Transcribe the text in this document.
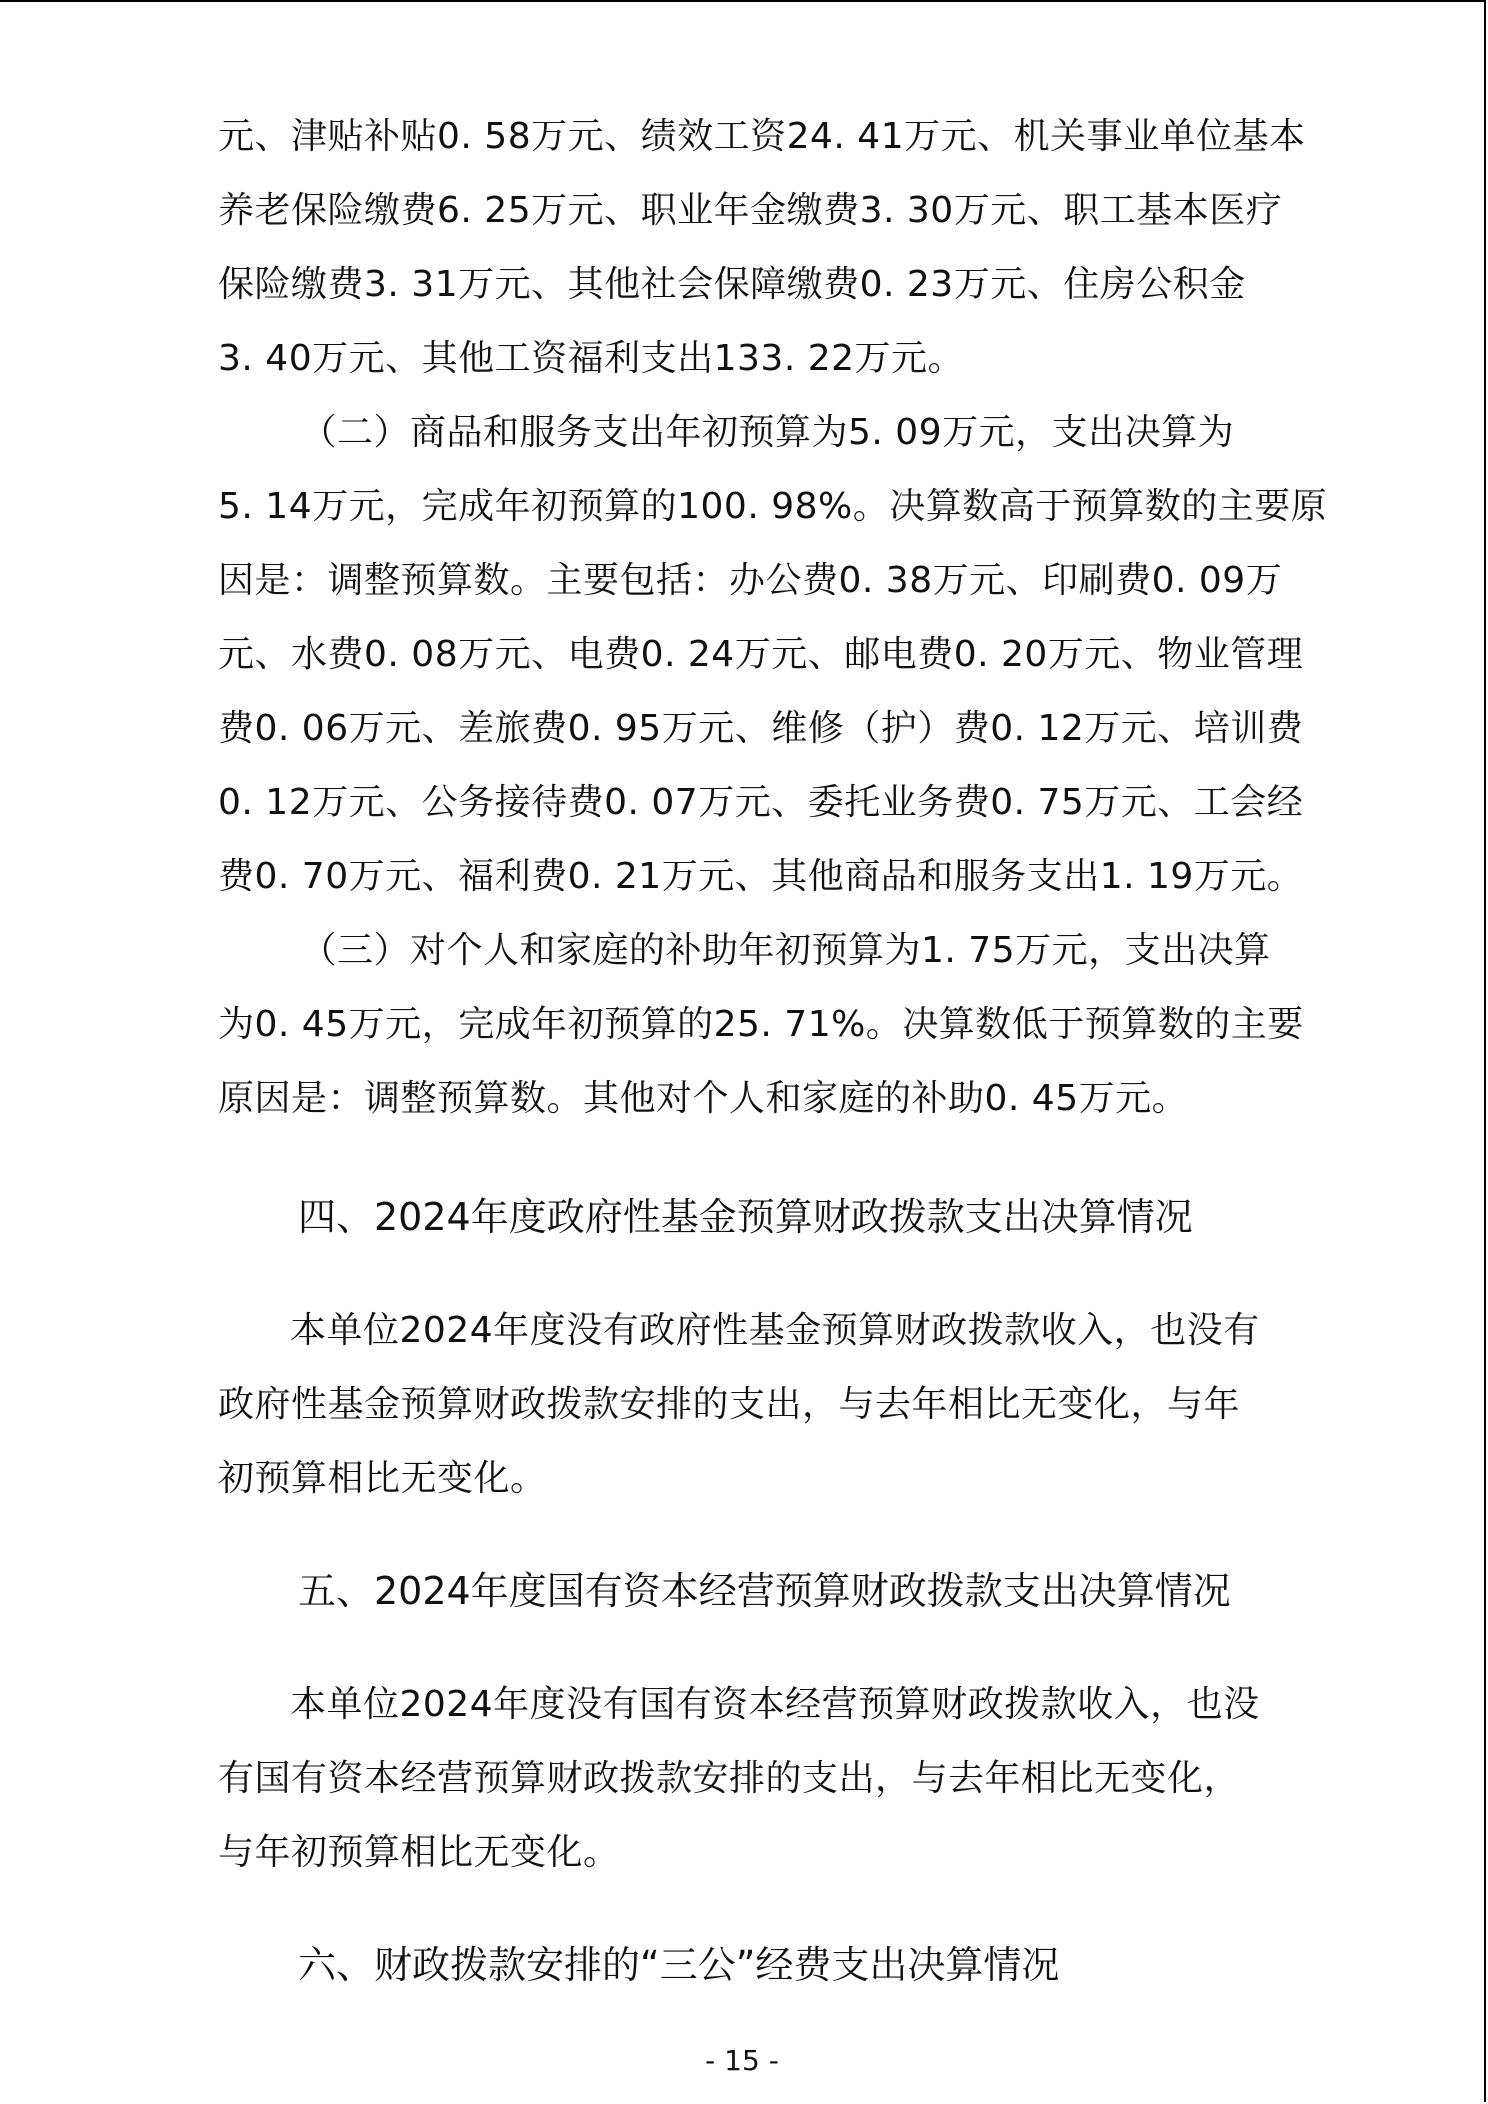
元、津贴补贴0. 58万元、绩效工资24. 41万元、机关事业单位基本
养老保险缴费6. 25万元、职业年金缴费3. 30万元、职工基本医疗
保险缴费3. 31万元、其他社会保障缴费0. 23万元、住房公积金
3. 40万元、其他工资福利支出133. 22万元。
　（二）商品和服务支出年初预算为5. 09万元，支出决算为
5. 14万元，完成年初预算的100. 98%。决算数高于预算数的主要原
因是：调整预算数。主要包括：办公费0. 38万元、印刷费0. 09万
元、水费0. 08万元、电费0. 24万元、邮电费0. 20万元、物业管理
费0. 06万元、差旅费0. 95万元、维修（护）费0. 12万元、培训费
0. 12万元、公务接待费0. 07万元、委托业务费0. 75万元、工会经
费0. 70万元、福利费0. 21万元、其他商品和服务支出1. 19万元。
　（三）对个人和家庭的补助年初预算为1. 75万元，支出决算
为0. 45万元，完成年初预算的25. 71%。决算数低于预算数的主要
原因是：调整预算数。其他对个人和家庭的补助0. 45万元。
四、2024年度政府性基金预算财政拨款支出决算情况
本单位2024年度没有政府性基金预算财政拨款收入，也没有
政府性基金预算财政拨款安排的支出，与去年相比无变化，与年
初预算相比无变化。
五、2024年度国有资本经营预算财政拨款支出决算情况
本单位2024年度没有国有资本经营预算财政拨款收入，也没
有国有资本经营预算财政拨款安排的支出，与去年相比无变化，
与年初预算相比无变化。
六、财政拨款安排的“三公”经费支出决算情况
- 15 -
